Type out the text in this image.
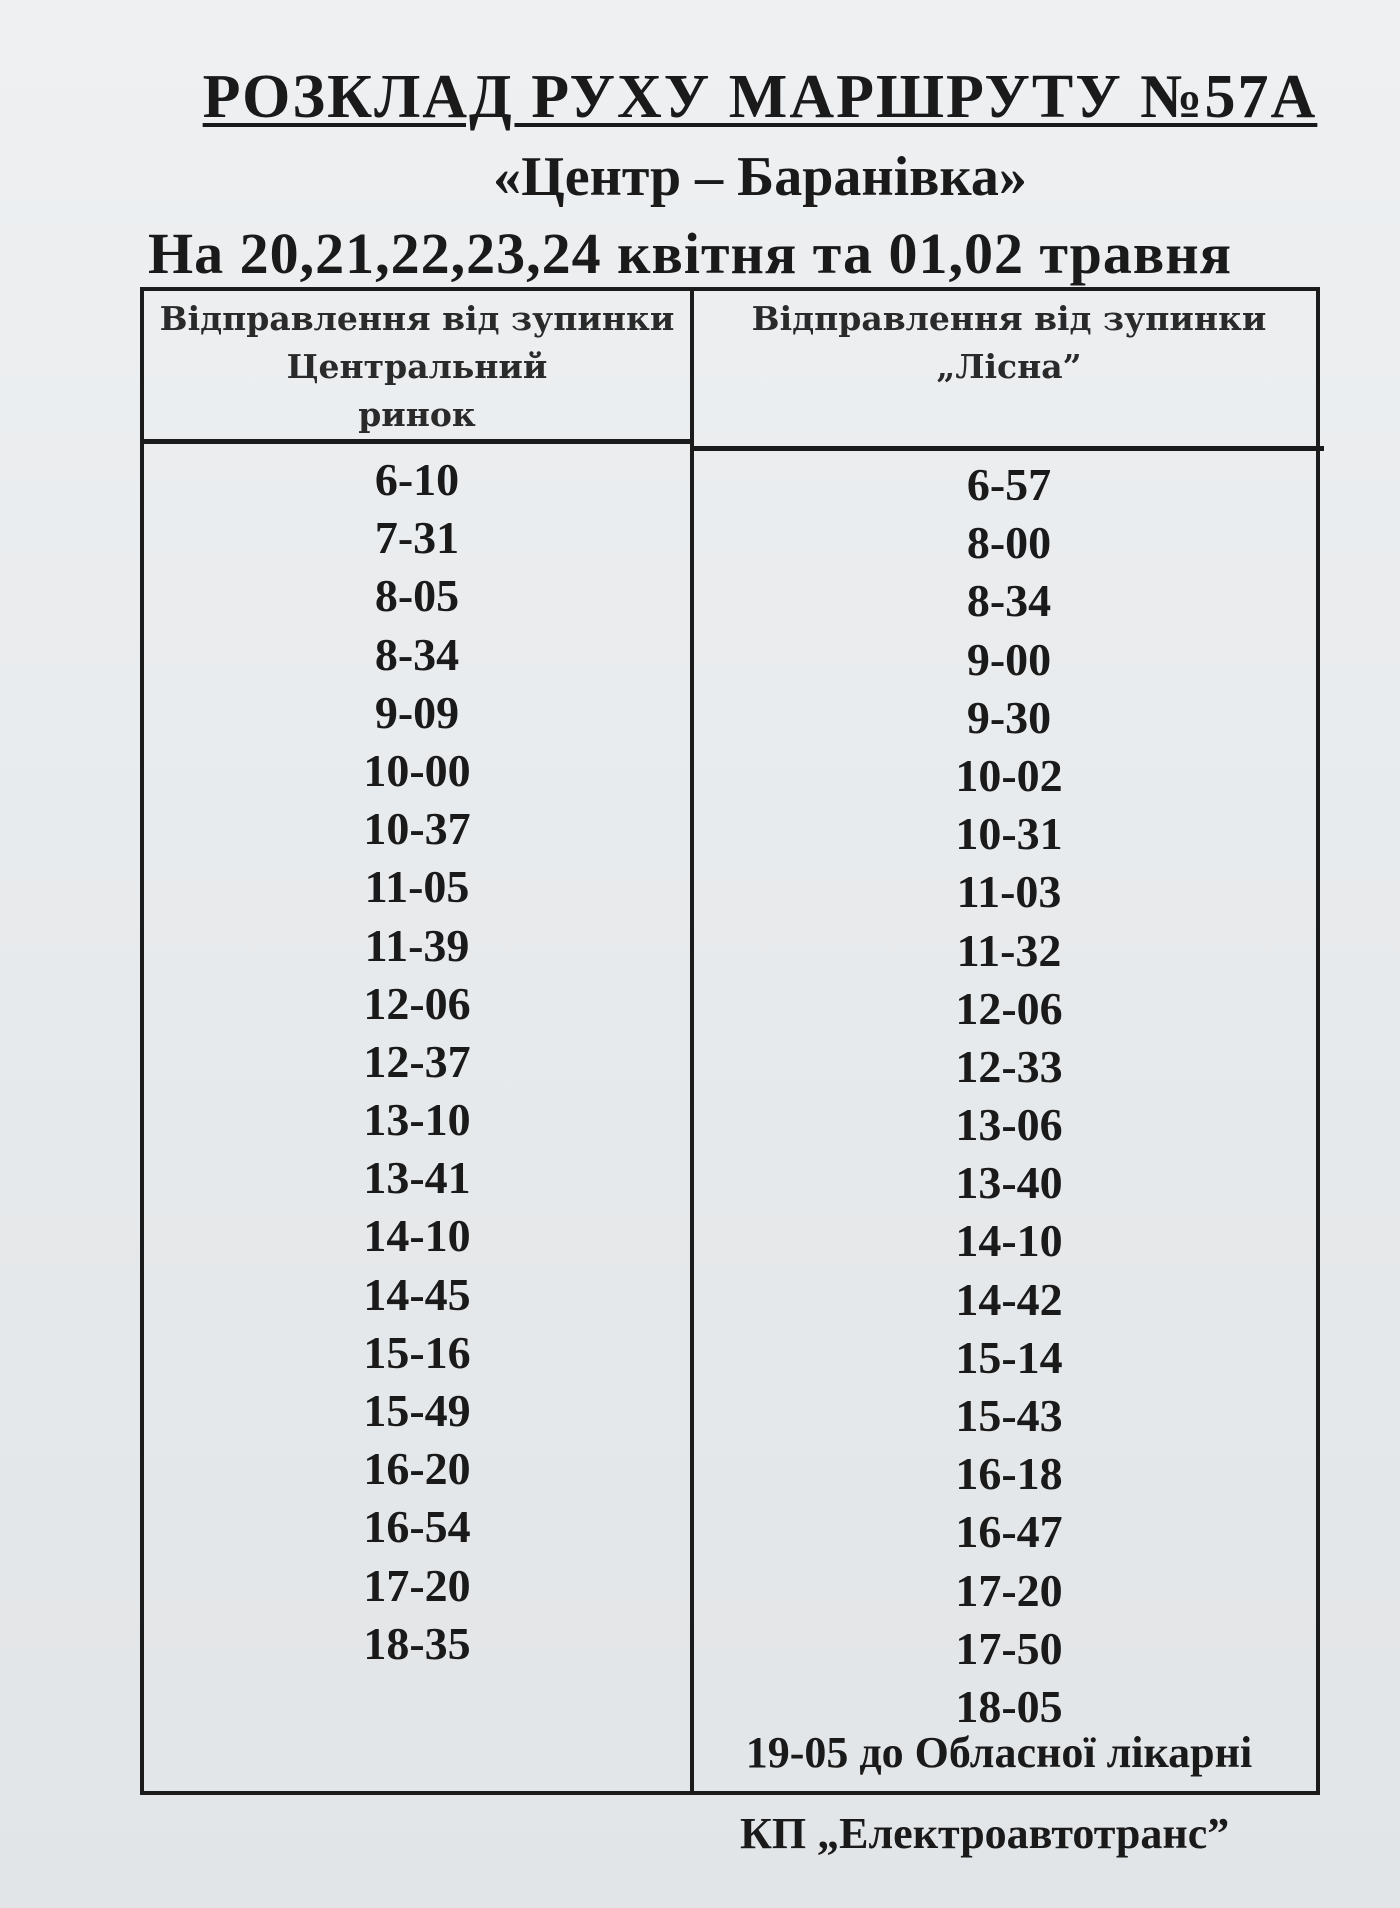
РОЗКЛАД РУХУ МАРШРУТУ №57А
«Центр – Баранівка»
На 20,21,22,23,24 квітня та 01,02 травня
Відправлення від зупинки
Центральний
ринок
Відправлення від зупинки
„Лісна”
6-10
7-31
8-05
8-34
9-09
10-00
10-37
11-05
11-39
12-06
12-37
13-10
13-41
14-10
14-45
15-16
15-49
16-20
16-54
17-20
18-35
6-57
8-00
8-34
9-00
9-30
10-02
10-31
11-03
11-32
12-06
12-33
13-06
13-40
14-10
14-42
15-14
15-43
16-18
16-47
17-20
17-50
18-05
19-05 до Обласної лікарні
КП „Електроавтотранс”
